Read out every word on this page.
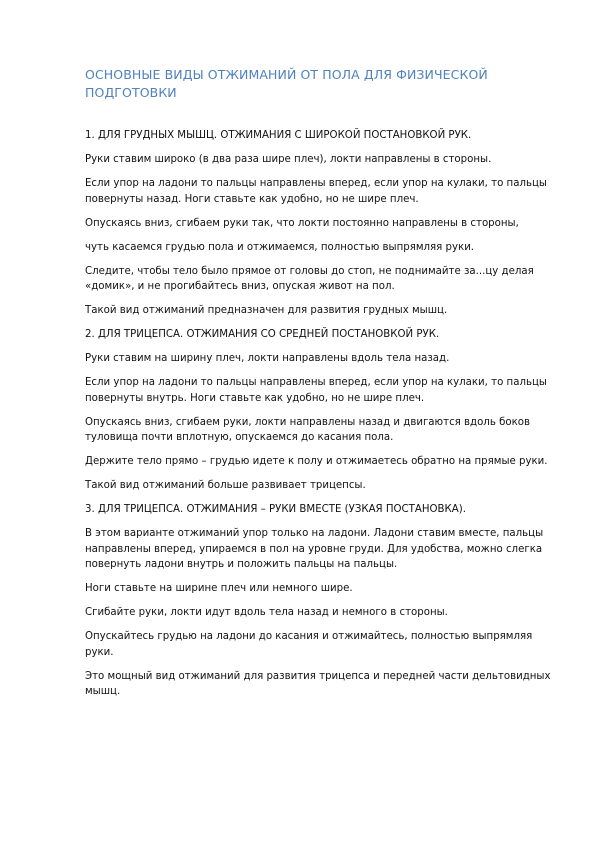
ОСНОВНЫЕ ВИДЫ ОТЖИМАНИЙ ОТ ПОЛА ДЛЯ ФИЗИЧЕСКОЙ ПОДГОТОВКИ

1. ДЛЯ ГРУДНЫХ МЫШЦ. ОТЖИМАНИЯ С ШИРОКОЙ ПОСТАНОВКОЙ РУК.

Руки ставим широко (в два раза шире плеч), локти направлены в стороны.

Если упор на ладони то пальцы направлены вперед, если упор на кулаки, то пальцы повернуты назад. Ноги ставьте как удобно, но не шире плеч.

Опускаясь вниз, сгибаем руки так, что локти постоянно направлены в стороны,

чуть касаемся грудью пола и отжимаемся, полностью выпрямляя руки.

Следите, чтобы тело было прямое от головы до стоп, не поднимайте за...цу делая «домик», и не прогибайтесь вниз, опуская живот на пол.

Такой вид отжиманий предназначен для развития грудных мышц.

2. ДЛЯ ТРИЦЕПСА. ОТЖИМАНИЯ СО СРЕДНЕЙ ПОСТАНОВКОЙ РУК.

Руки ставим на ширину плеч, локти направлены вдоль тела назад.

Если упор на ладони то пальцы направлены вперед, если упор на кулаки, то пальцы повернуты внутрь. Ноги ставьте как удобно, но не шире плеч.

Опускаясь вниз, сгибаем руки, локти направлены назад и двигаются вдоль боков туловища почти вплотную, опускаемся до касания пола.

Держите тело прямо – грудью идете к полу и отжимаетесь обратно на прямые руки.

Такой вид отжиманий больше развивает трицепсы.

3. ДЛЯ ТРИЦЕПСА. ОТЖИМАНИЯ – РУКИ ВМЕСТЕ (УЗКАЯ ПОСТАНОВКА).

В этом варианте отжиманий упор только на ладони. Ладони ставим вместе, пальцы направлены вперед, упираемся в пол на уровне груди. Для удобства, можно слегка повернуть ладони внутрь и положить пальцы на пальцы.

Ноги ставьте на ширине плеч или немного шире.

Сгибайте руки, локти идут вдоль тела назад и немного в стороны.

Опускайтесь грудью на ладони до касания и отжимайтесь, полностью выпрямляя руки.

Это мощный вид отжиманий для развития трицепса и передней части дельтовидных мышц.
